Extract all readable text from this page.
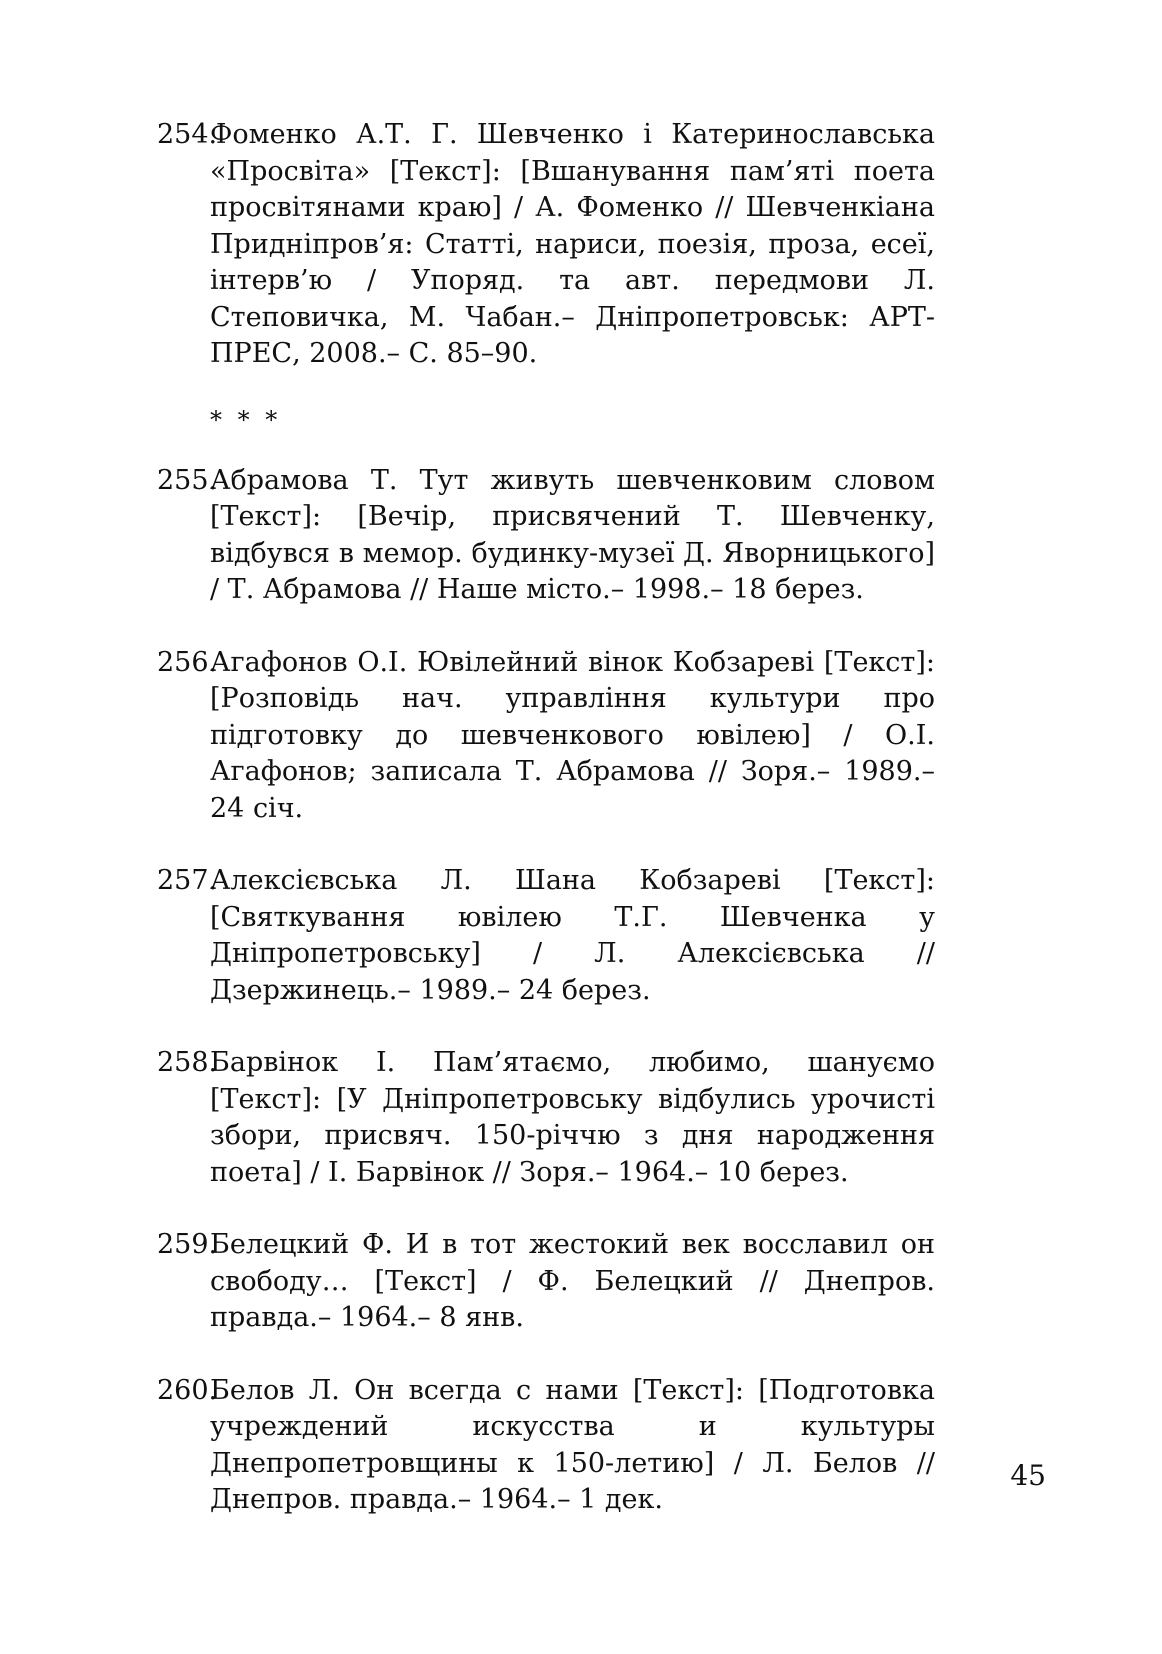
254.
Фоменко А.Т. Г. Шевченко і Катеринославська «Просвіта» [Текст]: [Вшанування пам’яті поета просвітянами краю] / А. Фоменко // Шевченкіана Придніпров’я: Статті, нариси, поезія, проза, есеї, інтерв’ю / Упоряд. та авт. передмови Л. Степовичка, М. Чабан.– Дніпропетровськ: АРТ-ПРЕС, 2008.– С. 85–90.
* * *
255.
Абрамова Т. Тут живуть шевченковим словом [Текст]: [Вечір, присвячений Т. Шевченку, відбувся в мемор. будинку-музеї Д. Яворницького] / Т. Абрамова // Наше місто.– 1998.– 18 берез.
256.
Агафонов О.І. Ювілейний вінок Кобзареві [Текст]: [Розповідь нач. управління культури про підготовку до шевченкового ювілею] / О.І. Агафонов; записала Т. Абрамова // Зоря.– 1989.– 24 січ.
257.
Алексієвська Л. Шана Кобзареві [Текст]: [Святкування ювілею Т.Г. Шевченка у Дніпропетровську] / Л. Алексієвська // Дзержинець.– 1989.– 24 берез.
258.
Барвінок І. Пам’ятаємо, любимо, шануємо [Текст]: [У Дніпропетровську відбулись урочисті збори, присвяч. 150-річчю з дня народження поета] / І. Барвінок // Зоря.– 1964.– 10 берез.
259.
Белецкий Ф. И в тот жестокий век восславил он свободу… [Текст] / Ф. Белецкий // Днепров. правда.– 1964.– 8 янв.
260.
Белов Л. Он всегда с нами [Текст]: [Подготовка учреждений искусства и культуры Днепропетровщины к 150-летию] / Л. Белов // Днепров. правда.– 1964.– 1 дек.
45
